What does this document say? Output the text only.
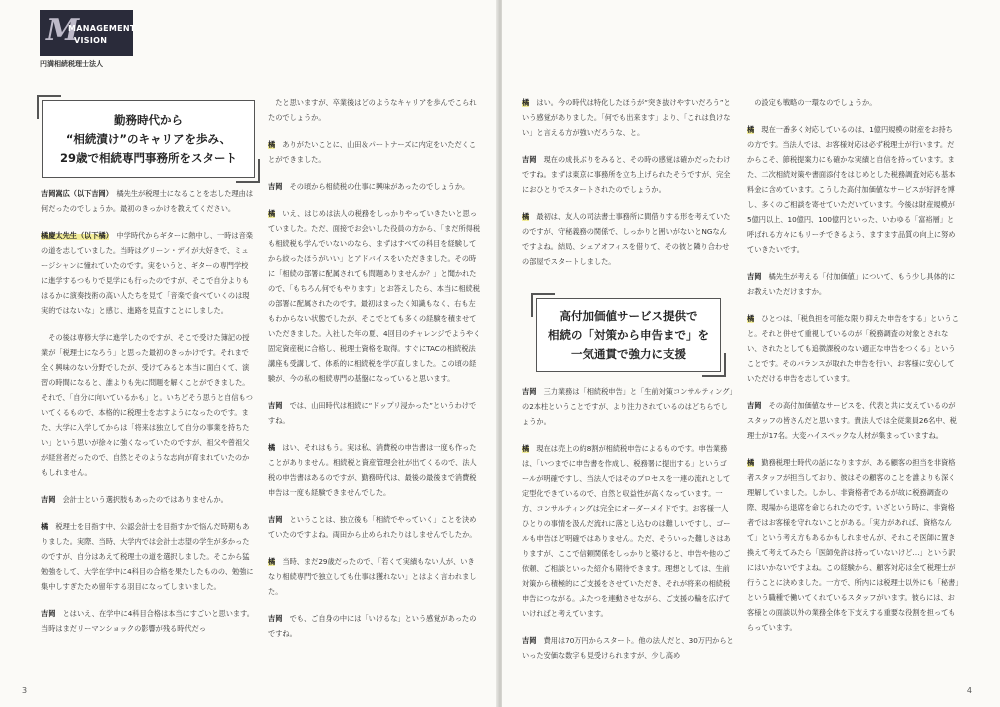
M
MANAGEMENT
VISION
円満相続税理士法人
勤務時代から
“相続漬け”のキャリアを歩み、
29歳で相続専門事務所をスタート

吉岡嵩広（以下吉岡）　 橘先生が税理士になることを志した理由は何だったのでしょうか。最初のきっかけを教えてください。

橘慶太先生（以下橘）　 中学時代からギターに熱中し、一時は音楽の道を志していました。当時はグリーン・デイが大好きで、ミュージシャンに憧れていたのです。実をいうと、ギターの専門学校に進学するつもりで見学にも行ったのですが、そこで自分よりもはるかに演奏技術の高い人たちを見て「音楽で食べていくのは現実的ではないな」と感じ、進路を見直すことにしました。

　その後は専修大学に進学したのですが、そこで受けた簿記の授業が「税理士になろう」と思った最初のきっかけです。それまで全く興味のない分野でしたが、受けてみると本当に面白くて、演習の時間になると、誰よりも先に問題を解くことができました。それで、「自分に向いているかも」と。いちどそう思うと自信もついてくるもので、本格的に税理士を志すようになったのです。また、大学に入学してからは「将来は独立して自分の事業を持ちたい」という思いが徐々に強くなっていたのですが、祖父や曾祖父が経営者だったので、自然とそのような志向が育まれていたのかもしれません。

吉岡　 会計士という選択肢もあったのではありませんか。

橘　 税理士を目指す中、公認会計士を目指すかで悩んだ時期もありました。実際、当時、大学内では会計士志望の学生が多かったのですが、自分はあえて税理士の道を選択しました。そこから猛勉強をして、大学在学中に4科目の合格を果たしたものの、勉強に集中しすぎたため留年する羽目になってしまいました。

吉岡　 とはいえ、在学中に4科目合格は本当にすごいと思います。当時はまだリーマンショックの影響が残る時代だっ

　たと思いますが、卒業後はどのようなキャリアを歩んでこられたのでしょうか。

橘　 ありがたいことに、山田＆パートナーズに内定をいただくことができました。

吉岡　 その頃から相続税の仕事に興味があったのでしょうか。

橘　 いえ、はじめは法人の税務をしっかりやっていきたいと思っていました。ただ、面接でお会いした役員の方から、「まだ所得税も相続税も学んでいないのなら、まずはすべての科目を経験してから絞ったほうがいい」とアドバイスをいただきました。その時に「相続の部署に配属されても問題ありませんか？」と聞かれたので、「もちろん何でもやります」とお答えしたら、本当に相続税の部署に配属されたのです。最初はまったく知識もなく、右も左もわからない状態でしたが、そこでとても多くの経験を積ませていただきました。入社した年の夏、4回目のチャレンジでようやく固定資産税に合格し、税理士資格を取得。すぐにTACの相続税法講座も受講して、体系的に相続税を学び直しました。この頃の経験が、今の私の相続専門の基盤になっていると思います。

吉岡　 では、山田時代は相続に“ドップリ浸かった”というわけですね。

橘　 はい、それはもう。実は私、消費税の申告書は一度も作ったことがありません。相続税と資産管理会社が出てくるので、法人税の申告書はあるのですが、勤務時代は、最後の最後まで消費税申告は一度も経験できませんでした。

吉岡　 ということは、独立後も「相続でやっていく」ことを決めていたのですよね。両田から止められたりはしませんでしたか。

橘　 当時、まだ29歳だったので、「若くて実績もない人が、いきなり相続専門で独立しても仕事は獲れない」とはよく言われました。

吉岡　 でも、ご自身の中には「いけるな」という感覚があったのですね。

3

橘　 はい。今の時代は特化したほうが“突き抜けやすいだろう”という感覚がありました。「何でも出来ます」より、「これは負けない」と言える方が強いだろうな、と。

吉岡　 現在の成長ぶりをみると、その時の感覚は確かだったわけですね。まずは東京に事務所を立ち上げられたそうですが、完全におひとりでスタートされたのでしょうか。

橘　 最初は、友人の司法書士事務所に間借りする形を考えていたのですが、守秘義務の関係で、しっかりと囲いがないとNGなんですよね。結局、シェアオフィスを借りて、その彼と隣り合わせの部屋でスタートしました。

高付加価値サービス提供で
相続の「対策から申告まで」を
一気通貫で強力に支援

吉岡　 三力業務は「相続税申告」と「生前対策コンサルティング」の2本柱ということですが、より注力されているのはどちらでしょうか。

橘　 現在は売上の約8割が相続税申告によるものです。申告業務は、「いつまでに申告書を作成し、税務署に提出する」というゴールが明確ですし、当法人ではそのプロセスを一連の流れとして定型化できているので、自然と収益性が高くなっています。一方、コンサルティングは完全にオーダーメイドです。お客様一人ひとりの事情を汲んだ流れに落とし込むのは難しいですし、ゴールも申告ほど明確ではありません。ただ、そういった難しさはありますが、ここで信頼関係をしっかりと築けると、申告や他のご依頼、ご相談といった紹介も期待できます。理想としては、生前対策から積極的にご支援をさせていただき、それが将来の相続税申告につながる。ふたつを連動させながら、ご支援の輪を広げていければと考えています。

吉岡　 費用は70万円からスタート。他の法人だと、30万円からといった安価な数字も見受けられますが、少し高め

　の設定も戦略の一環なのでしょうか。

橘　 現在一番多く対応しているのは、1億円規模の財産をお持ちの方です。当法人では、お客様対応は必ず税理士が行います。だからこそ、節税提案力にも確かな実績と自信を持っています。また、二次相続対策や書面添付をはじめとした税務調査対応も基本料金に含めています。こうした高付加価値なサービスが好評を博し、多くのご相談を寄せていただいています。今後は財産規模が5億円以上、10億円、100億円といった、いわゆる「富裕層」と呼ばれる方々にもリーチできるよう、ますます品質の向上に努めていきたいです。

吉岡　 橘先生が考える「付加価値」について、もう少し具体的にお教えいただけますか。

橘　 ひとつは、「税負担を可能な限り抑えた申告をする」ということ。それと併せて重視しているのが「税務調査の対象とされない、されたとしても追徴課税のない適正な申告をつくる」ということです。そのバランスが取れた申告を行い、お客様に安心していただける申告を志しています。

吉岡　 その高付加価値なサービスを、代表と共に支えているのがスタッフの皆さんだと思います。貴法人では全従業員26名中、税理士が17名。大変ハイスペックな人材が集まっていますね。

橘　 勤務税理士時代の話になりますが、ある顧客の担当を非資格者スタッフが担当しており、彼はその顧客のことを誰よりも深く理解していました。しかし、非資格者であるが故に税務調査の際、現場から退席を命じられたのです。いざという時に、非資格者ではお客様を守れないことがある。「実力があれば、資格なんて」という考え方もあるかもしれませんが、それこそ医師に置き換えて考えてみたら「医師免許は持っていないけど…」という訳にはいかないですよね。この経験から、顧客対応は全て税理士が行うことに決めました。一方で、所内には税理士以外にも「秘書」という職種で働いてくれているスタッフがいます。彼らには、お客様との面談以外の業務全体を下支えする重要な役割を担ってもらっています。

4
